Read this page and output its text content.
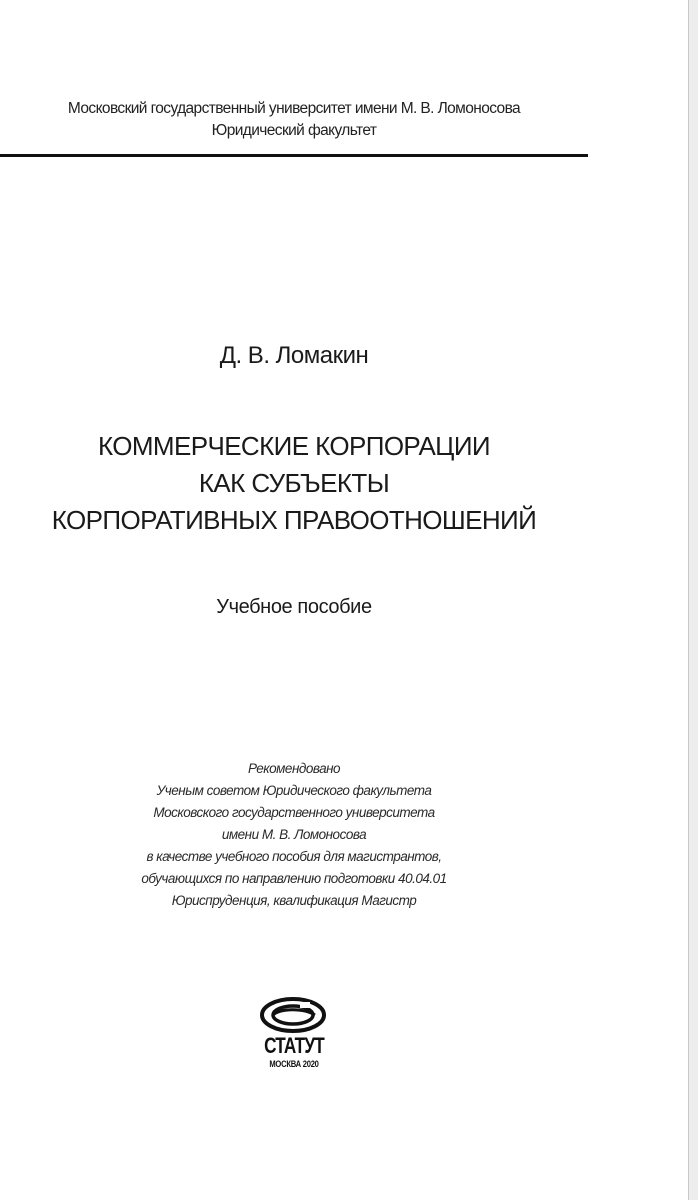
Московский государственный университет имени М. В. Ломоносова
Юридический факультет
Д. В. Ломакин
КОММЕРЧЕСКИЕ КОРПОРАЦИИ
КАК СУБЪЕКТЫ
КОРПОРАТИВНЫХ ПРАВООТНОШЕНИЙ
Учебное пособие
Рекомендовано
Ученым советом Юридического факультета
Московского государственного университета
имени М. В. Ломоносова
в качестве учебного пособия для магистрантов,
обучающихся по направлению подготовки 40.04.01
Юриспруденция, квалификация Магистр
СТАТУТ
МОСКВА 2020
